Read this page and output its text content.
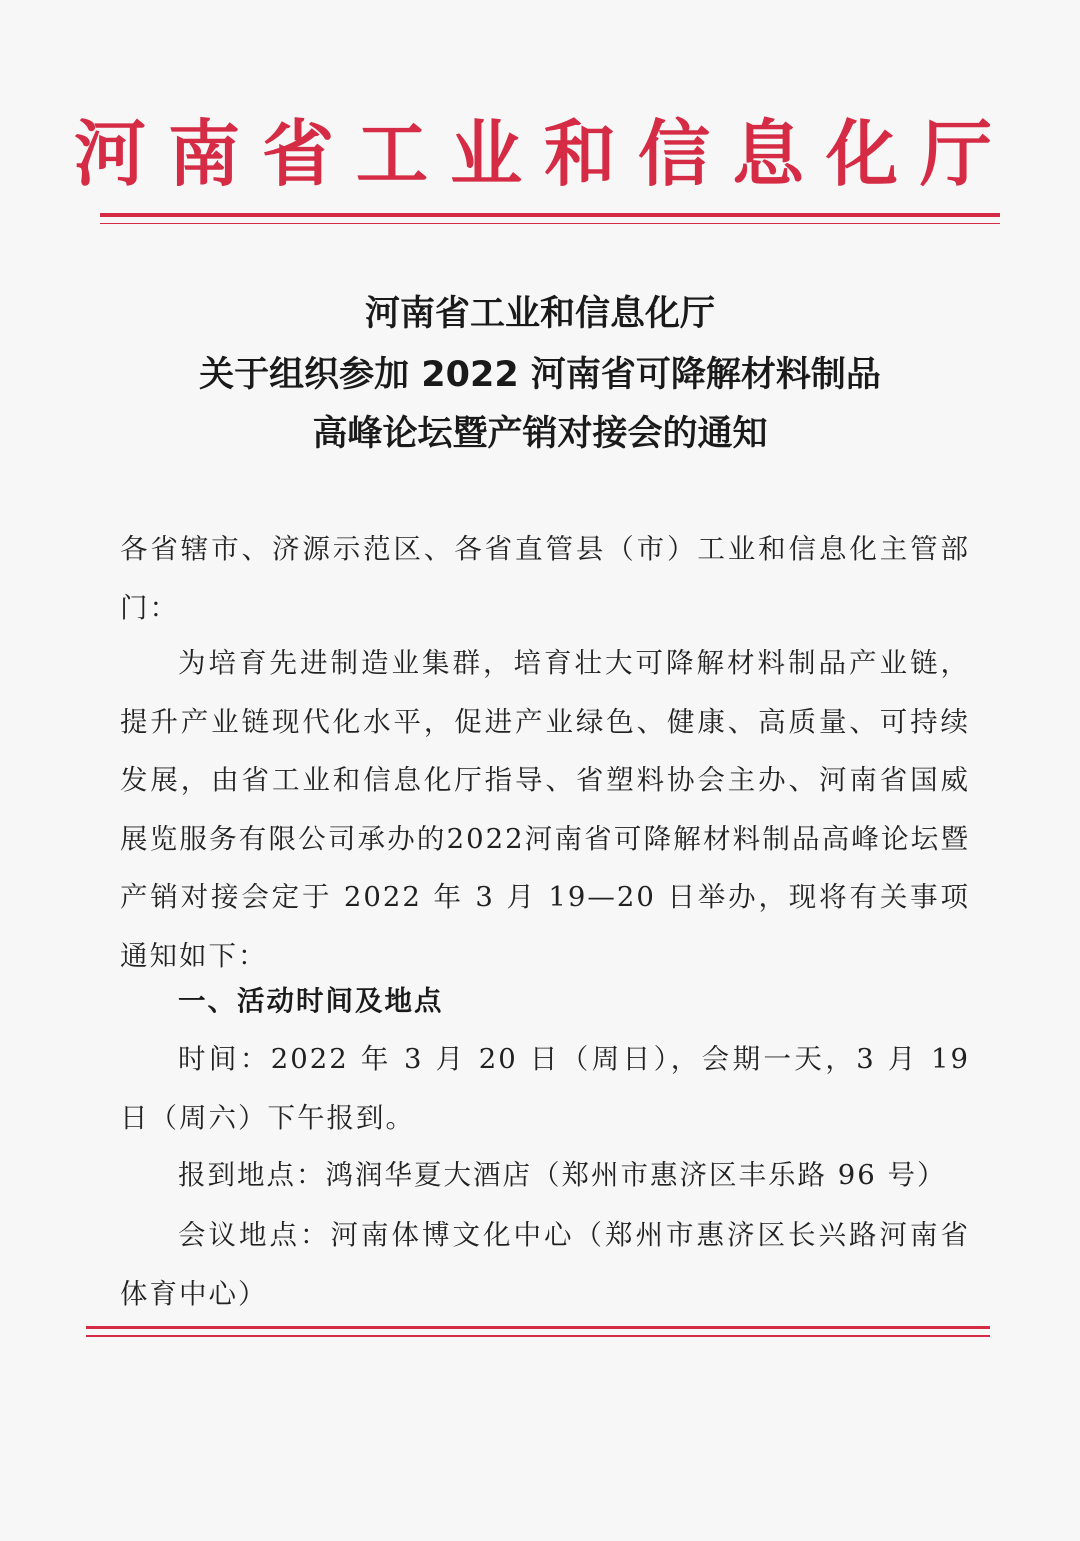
河南省工业和信息化厅
河南省工业和信息化厅
关于组织参加 2022 河南省可降解材料制品
高峰论坛暨产销对接会的通知
各省辖市、济源示范区、各省直管县（市）工业和信息化主管部门：
为培育先进制造业集群，培育壮大可降解材料制品产业链，提升产业链现代化水平，促进产业绿色、健康、高质量、可持续发展，由省工业和信息化厅指导、省塑料协会主办、河南省国威展览服务有限公司承办的2022河南省可降解材料制品高峰论坛暨产销对接会定于 2022 年 3 月 19—20 日举办，现将有关事项通知如下：
一、活动时间及地点
时间：2022 年 3 月 20 日（周日），会期一天，3 月 19 日（周六）下午报到。
报到地点：鸿润华夏大酒店（郑州市惠济区丰乐路 96 号）
会议地点：河南体博文化中心（郑州市惠济区长兴路河南省体育中心）
